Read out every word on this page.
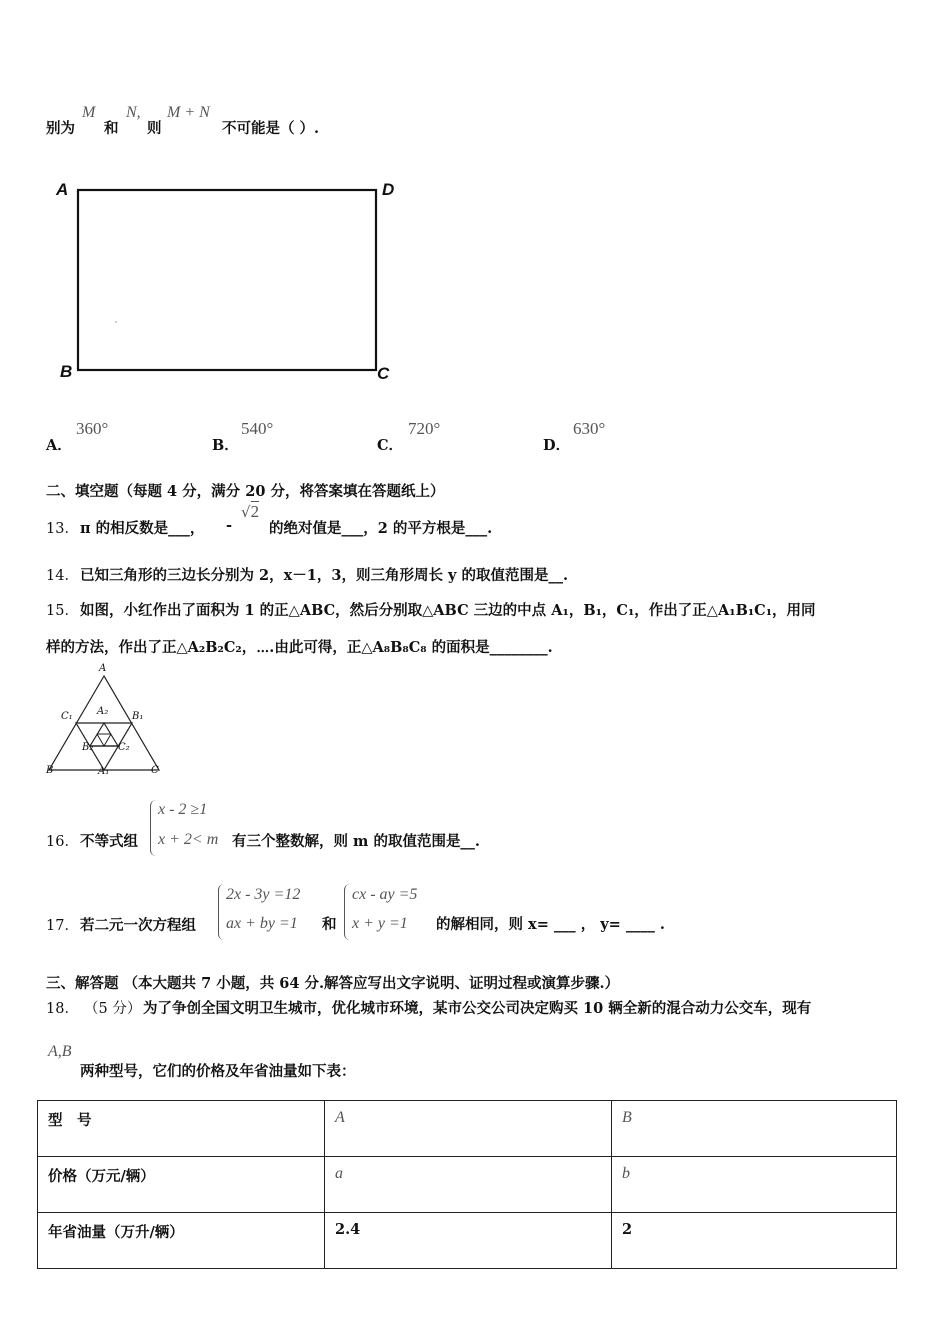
别为
M
和
N,
则
M + N
不可能是（ ）.
A	D
B	C
A．
360°
B．
540°
C．
720°
D．
630°
二、填空题（每题 4 分，满分 20 分，将答案填在答题纸上）
13． π 的相反数是___， -
√2
的绝对值是___，2 的平方根是___.
14． 已知三角形的三边长分别为 2，x－1，3，则三角形周长 y 的取值范围是__.
15． 如图，小红作出了面积为 1 的正△ABC，然后分别取△ABC 三边的中点 A₁，B₁，C₁，作出了正△A₁B₁C₁，用同
样的方法，作出了正△A₂B₂C₂，⋯.由此可得，正△A₈B₈C₈ 的面积是________.
A
B	C
A₁
B₁
C₁ A₂
B₂ C₂
16． 不等式组
x - 2 ≥1
x + 2< m 有三个整数解，则 m 的取值范围是__.
17． 若二元一次方程组
2x - 3y =12
ax + by =1 和
cx - ay =5
x + y =1 的解相同，则 x= ___ ， y= ____ .
三、解答题 （本大题共 7 小题，共 64 分.解答应写出文字说明、证明过程或演算步骤.）
18． （5 分） 为了争创全国文明卫生城市，优化城市环境，某市公交公司决定购买 10 辆全新的混合动力公交车，现有
A,B
两种型号，它们的价格及年省油量如下表：
型　号	A	B
价格（万元/辆）	a	b
年省油量（万升/辆）	2.4	2
